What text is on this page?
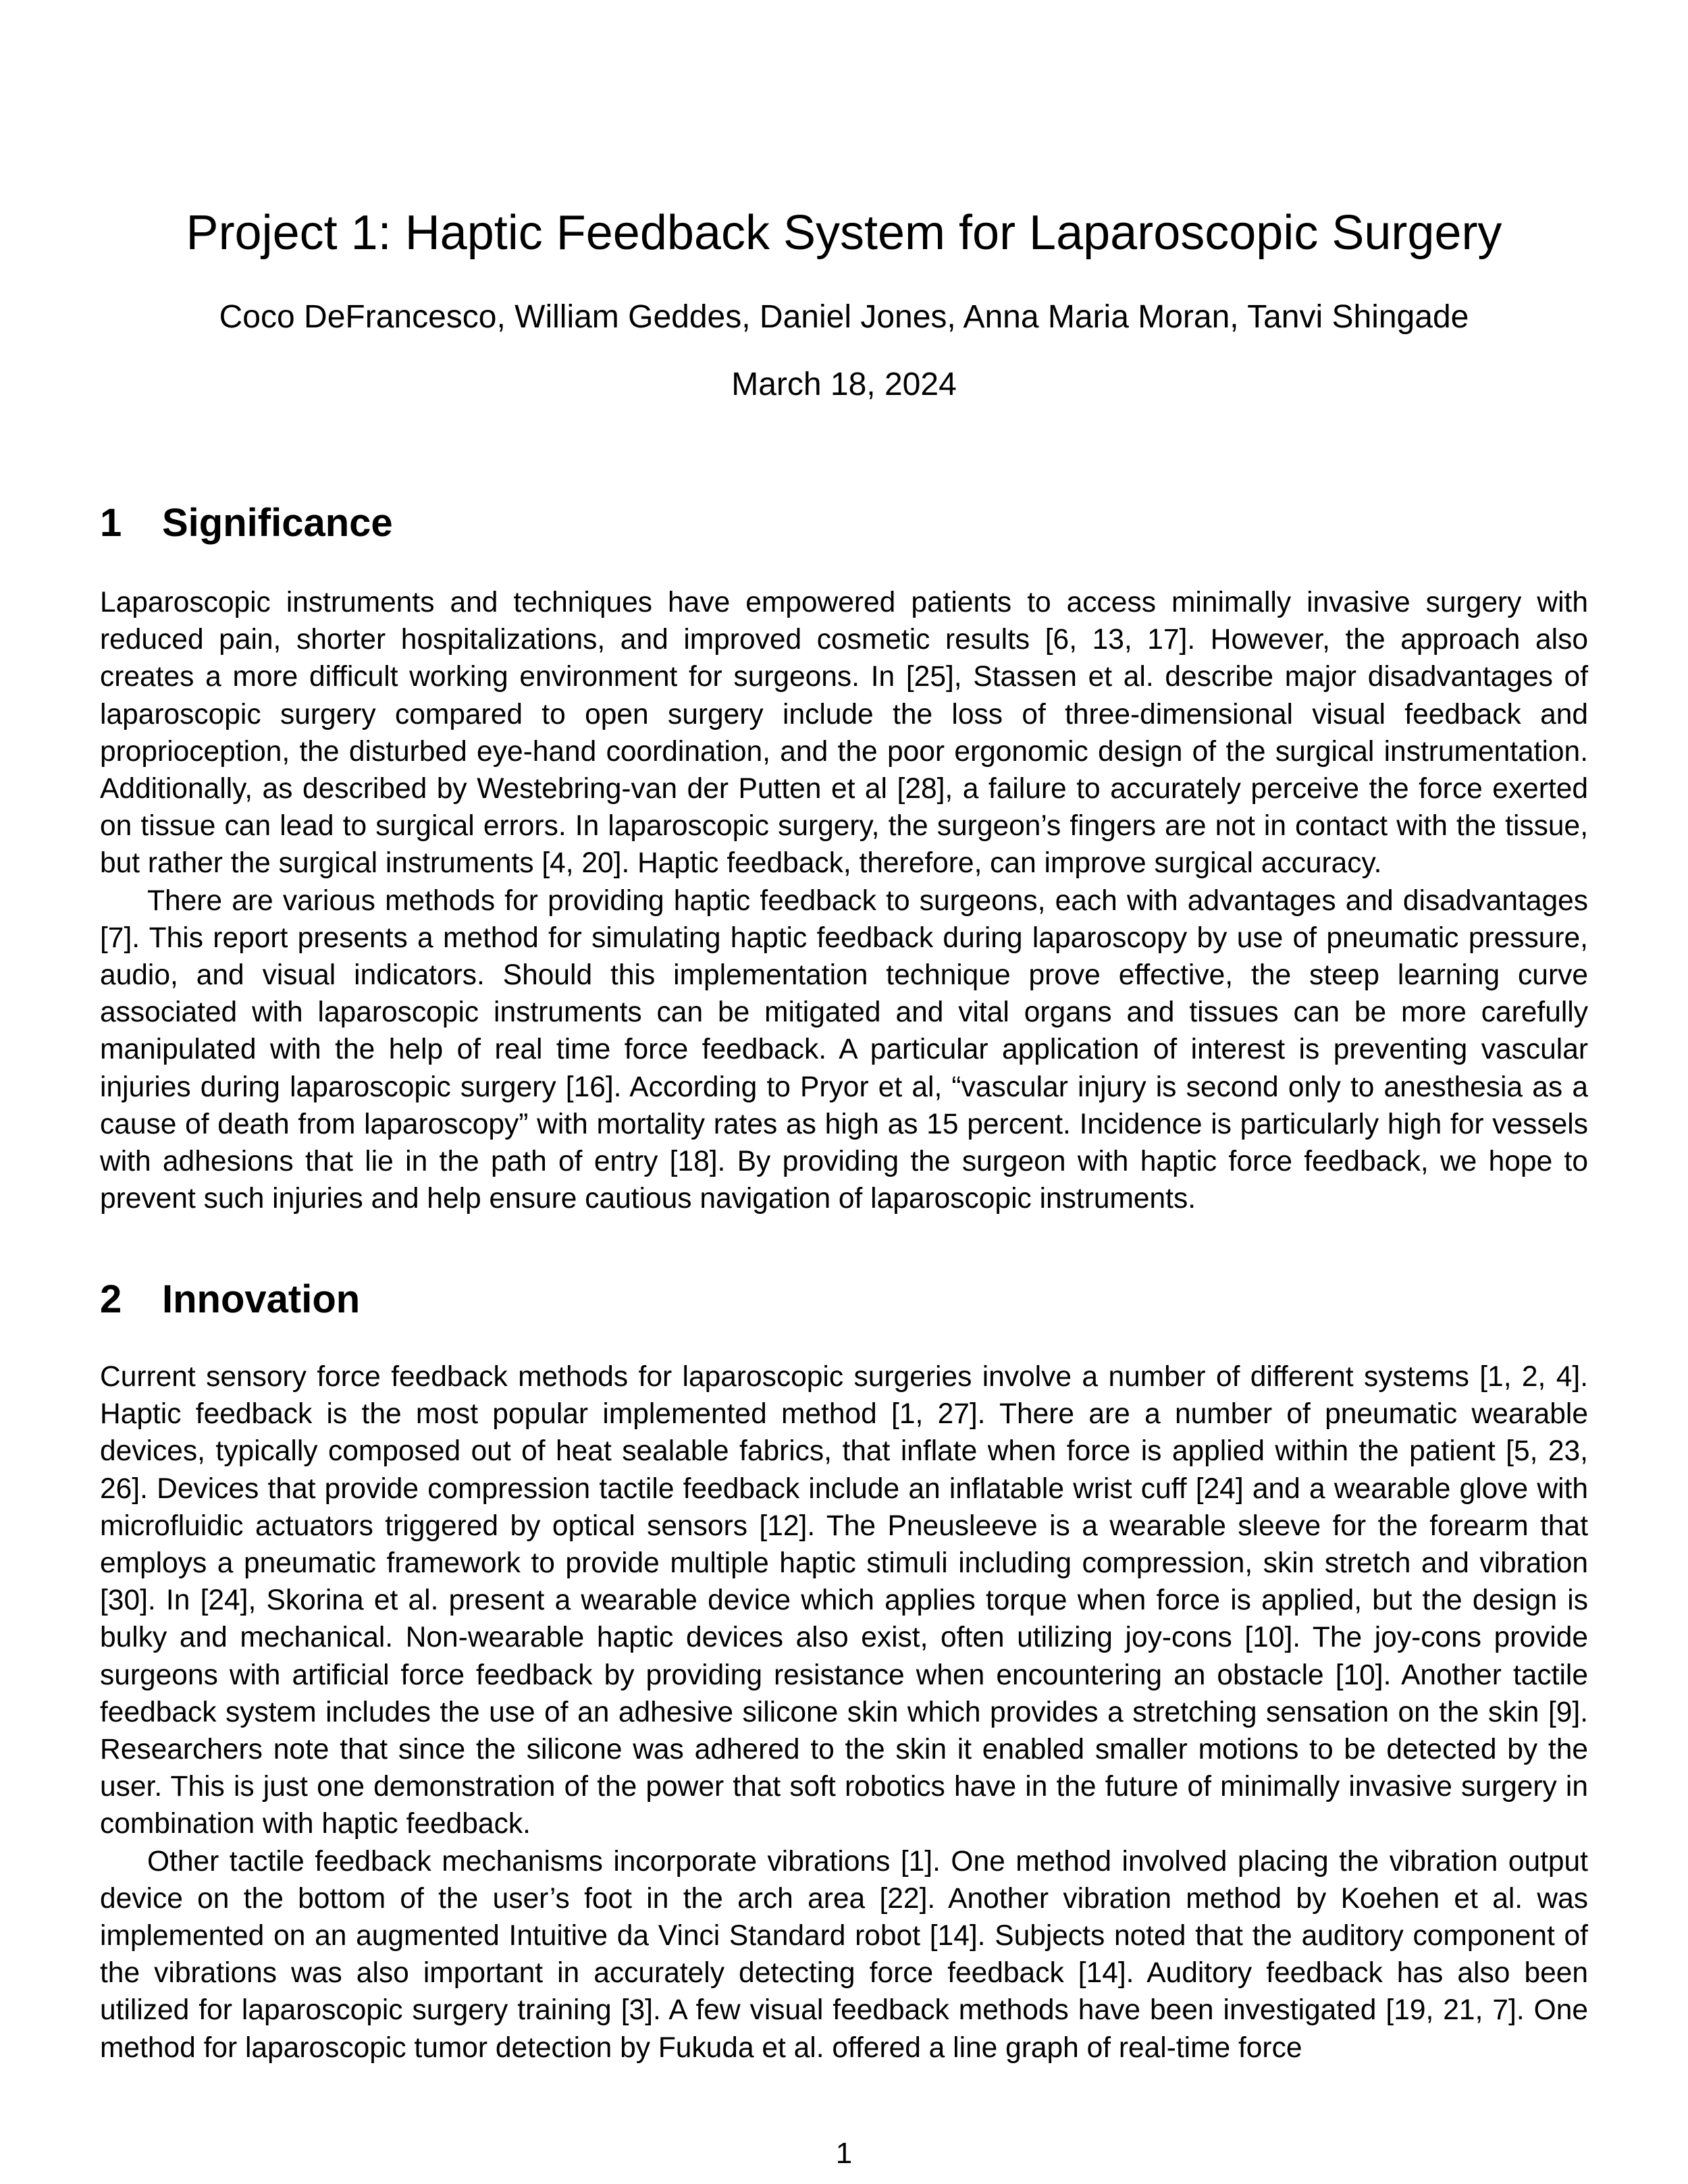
Project 1: Haptic Feedback System for Laparoscopic Surgery
Coco DeFrancesco, William Geddes, Daniel Jones, Anna Maria Moran, Tanvi Shingade
March 18, 2024
1 Significance

Laparoscopic instruments and techniques have empowered patients to access minimally invasive surgery with reduced pain, shorter hospitalizations, and improved cosmetic results [6, 13, 17]. However, the approach also creates a more difficult working environment for surgeons. In [25], Stassen et al. describe major disadvantages of laparoscopic surgery compared to open surgery include the loss of three-dimensional visual feedback and proprioception, the disturbed eye-hand coordination, and the poor ergonomic design of the surgical instrumentation. Additionally, as described by Westebring-van der Putten et al [28], a failure to accurately perceive the force exerted on tissue can lead to surgical errors. In laparoscopic surgery, the surgeon’s fingers are not in contact with the tissue, but rather the surgical instruments [4, 20]. Haptic feedback, therefore, can improve surgical accuracy.

There are various methods for providing haptic feedback to surgeons, each with advantages and disadvantages [7]. This report presents a method for simulating haptic feedback during laparoscopy by use of pneumatic pressure, audio, and visual indicators. Should this implementation technique prove effective, the steep learning curve associated with laparoscopic instruments can be mitigated and vital organs and tissues can be more carefully manipulated with the help of real time force feedback. A particular application of interest is preventing vascular injuries during laparoscopic surgery [16]. According to Pryor et al, “vascular injury is second only to anesthesia as a cause of death from laparoscopy” with mortality rates as high as 15 percent. Incidence is particularly high for vessels with adhesions that lie in the path of entry [18]. By providing the surgeon with haptic force feedback, we hope to prevent such injuries and help ensure cautious navigation of laparoscopic instruments.

2 Innovation

Current sensory force feedback methods for laparoscopic surgeries involve a number of different systems [1, 2, 4]. Haptic feedback is the most popular implemented method [1, 27]. There are a number of pneumatic wearable devices, typically composed out of heat sealable fabrics, that inflate when force is applied within the patient [5, 23, 26]. Devices that provide compression tactile feedback include an inflatable wrist cuff [24] and a wearable glove with microfluidic actuators triggered by optical sensors [12]. The Pneusleeve is a wearable sleeve for the forearm that employs a pneumatic framework to provide multiple haptic stimuli including compression, skin stretch and vibration [30]. In [24], Skorina et al. present a wearable device which applies torque when force is applied, but the design is bulky and mechanical. Non-wearable haptic devices also exist, often utilizing joy-cons [10]. The joy-cons provide surgeons with artificial force feedback by providing resistance when encountering an obstacle [10]. Another tactile feedback system includes the use of an adhesive silicone skin which provides a stretching sensation on the skin [9]. Researchers note that since the silicone was adhered to the skin it enabled smaller motions to be detected by the user. This is just one demonstration of the power that soft robotics have in the future of minimally invasive surgery in combination with haptic feedback.

Other tactile feedback mechanisms incorporate vibrations [1]. One method involved placing the vibration output device on the bottom of the user’s foot in the arch area [22]. Another vibration method by Koehen et al. was implemented on an augmented Intuitive da Vinci Standard robot [14]. Subjects noted that the auditory component of the vibrations was also important in accurately detecting force feedback [14]. Auditory feedback has also been utilized for laparoscopic surgery training [3]. A few visual feedback methods have been investigated [19, 21, 7]. One method for laparoscopic tumor detection by Fukuda et al. offered a line graph of real-time force

1
